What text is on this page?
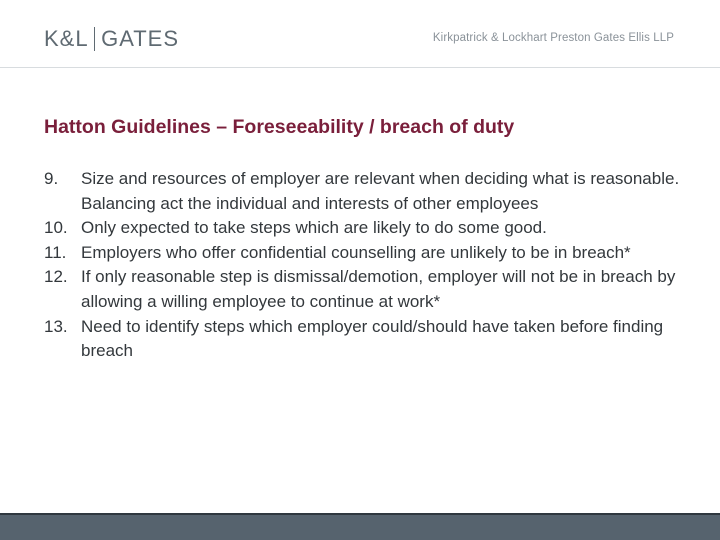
K&L GATES	Kirkpatrick & Lockhart Preston Gates Ellis LLP
Hatton Guidelines – Foreseeability / breach of duty
9.	Size and resources of employer are relevant when deciding what is reasonable. Balancing act the individual and interests of other employees
10. Only expected to take steps which are likely to do some good.
11. Employers who offer confidential counselling are unlikely to be in breach*
12. If only reasonable step is dismissal/demotion, employer will not be in breach by allowing a willing employee to continue at work*
13. Need to identify steps which employer could/should have taken before finding breach
